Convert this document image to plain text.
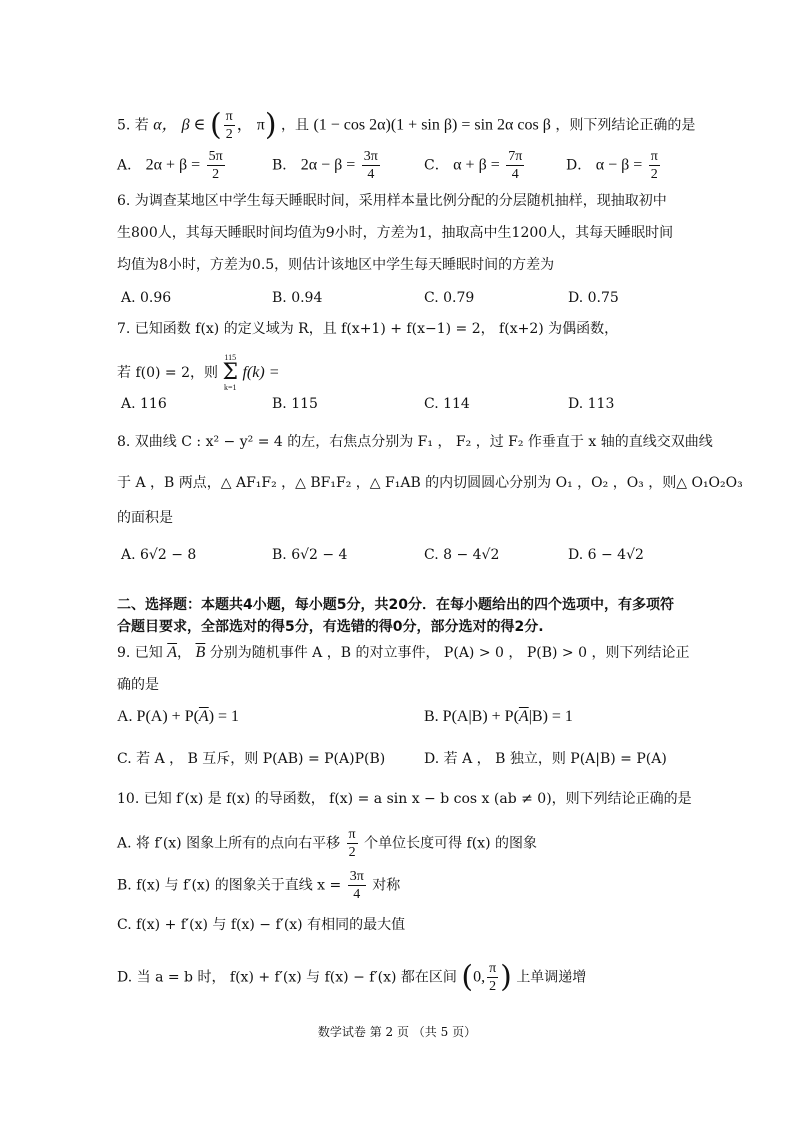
5. 若 α， β ∈ ( $\frac{\pi}{2}$ ， π) ，且 (1 − cos 2α)(1 + sin β) = sin 2α cos β ，则下列结论正确的是
A． $2\alpha + \beta = \frac{5\pi}{2}$	B． $2\alpha - \beta = \frac{3\pi}{4}$	C． $\alpha + \beta = \frac{7\pi}{4}$	D． $\alpha - \beta = \frac{\pi}{2}$
6. 为调查某地区中学生每天睡眠时间，采用样本量比例分配的分层随机抽样，现抽取初中
生800人，其每天睡眠时间均值为9小时，方差为1，抽取高中生1200人，其每天睡眠时间
均值为8小时，方差为0.5，则估计该地区中学生每天睡眠时间的方差为
A. 0.96	B. 0.94	C. 0.79	D. 0.75
7. 已知函数 f(x) 的定义域为 R，且 f(x+1) + f(x−1) = 2， f(x+2) 为偶函数，
若 f(0) = 2，则
115
Σ
k=1
f(k) =
A. 116	B. 115	C. 114	D. 113
8. 双曲线 C : x² − y² = 4 的左，右焦点分别为 F₁ ， F₂ ，过 F₂ 作垂直于 x 轴的直线交双曲线
于 A ，B 两点，△ AF₁F₂ ，△ BF₁F₂ ，△ F₁AB 的内切圆圆心分别为 O₁ ，O₂ ，O₃ ，则△ O₁O₂O₃
的面积是
A. 6√2 − 8	B. 6√2 − 4	C. 8 − 4√2	D. 6 − 4√2
二、选择题：本题共4小题，每小题5分，共20分．在每小题给出的四个选项中，有多项符
合题目要求，全部选对的得5分，有选错的得0分，部分选对的得2分.
9. 已知 $\overline{A}$， $\overline{B}$ 分别为随机事件 A ，B 的对立事件， P(A) > 0 ， P(B) > 0 ，则下列结论正
确的是
A. $P(A) + P(\overline{A}) = 1$	B. $P(A|B) + P(\overline{A}|B) = 1$
C. 若 A ， B 互斥，则 P(AB) = P(A)P(B)	D. 若 A ， B 独立，则 P(A|B) = P(A)
10. 已知 f′(x) 是 f(x) 的导函数， f(x) = a sin x − b cos x (ab ≠ 0)，则下列结论正确的是
A. 将 f′(x) 图象上所有的点向右平移 $\frac{\pi}{2}$ 个单位长度可得 f(x) 的图象
B. f(x) 与 f′(x) 的图象关于直线 $x = \frac{3\pi}{4}$ 对称
C. f(x) + f′(x) 与 f(x) − f′(x) 有相同的最大值
D. 当 a = b 时， f(x) + f′(x) 与 f(x) − f′(x) 都在区间 (0, $\frac{\pi}{2}$ ) 上单调递增
数学试卷 第 2 页 （共 5 页）
